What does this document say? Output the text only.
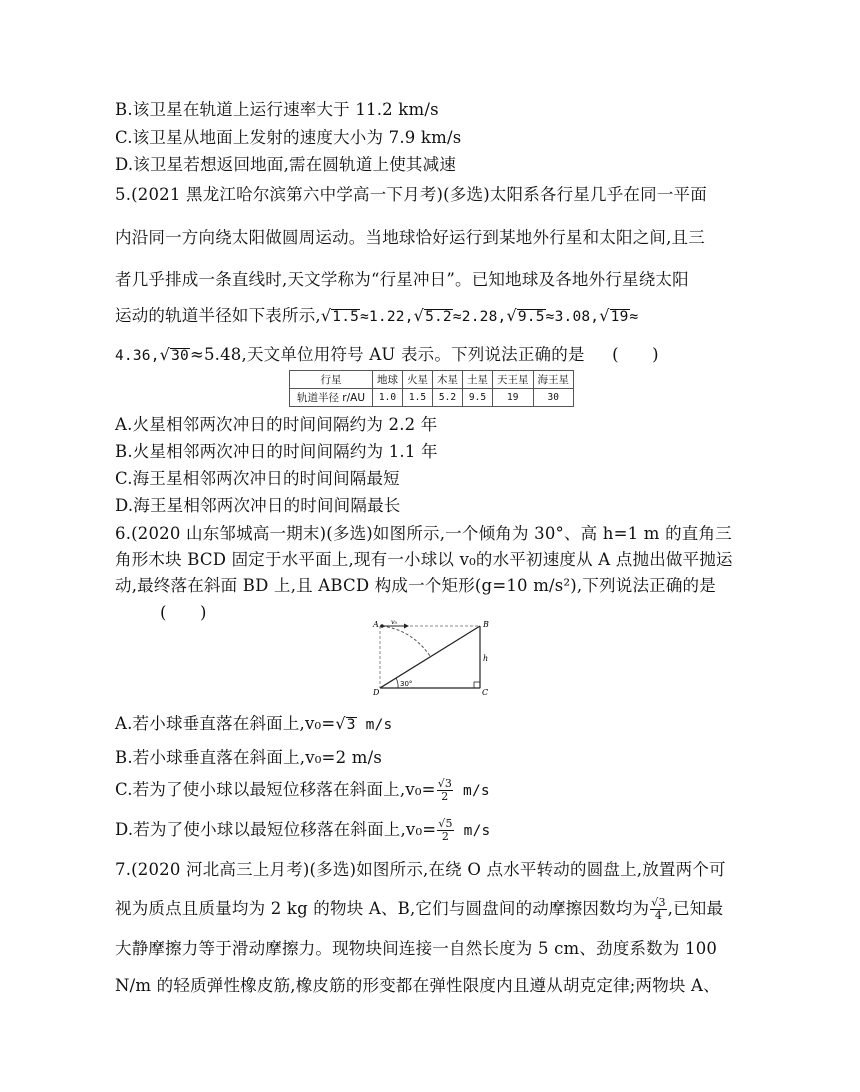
B.该卫星在轨道上运行速率大于 11.2 km/s
C.该卫星从地面上发射的速度大小为 7.9 km/s
D.该卫星若想返回地面,需在圆轨道上使其减速
5.(2021 黑龙江哈尔滨第六中学高一下月考)(多选)太阳系各行星几乎在同一平面
内沿同一方向绕太阳做圆周运动。当地球恰好运行到某地外行星和太阳之间,且三
者几乎排成一条直线时,天文学称为“行星冲日”。已知地球及各地外行星绕太阳
运动的轨道半径如下表所示,√1.5≈1.22,√5.2≈2.28,√9.5≈3.08,√19≈
4.36,√30≈5.48,天文单位用符号 AU 表示。下列说法正确的是 (　　)
行星	地球	火星	木星	土星	天王星	海王星
轨道半径 r/AU	1.0	1.5	5.2	9.5	19	30
A.火星相邻两次冲日的时间间隔约为 2.2 年
B.火星相邻两次冲日的时间间隔约为 1.1 年
C.海王星相邻两次冲日的时间间隔最短
D.海王星相邻两次冲日的时间间隔最长
6.(2020 山东邹城高一期末)(多选)如图所示,一个倾角为 30°、高 h=1 m 的直角三
角形木块 BCD 固定于水平面上,现有一小球以 v₀的水平初速度从 A 点抛出做平抛运
动,最终落在斜面 BD 上,且 ABCD 构成一个矩形(g=10 m/s²),下列说法正确的是
(　　)
A	B
C
D
h
30°
v₀
A.若小球垂直落在斜面上,v₀=√3 m/s
B.若小球垂直落在斜面上,v₀=2 m/s
C.若为了使小球以最短位移落在斜面上$,v_0= \frac{√3}{2} m/s$
D.若为了使小球以最短位移落在斜面上$,v_0= \frac{√5}{2} m/s$
7.(2020 河北高三上月考)(多选)如图所示,在绕 O 点水平转动的圆盘上,放置两个可
视为质点且质量均为 2 kg 的物块 A、B,它们与圆盘间的动摩擦因数均为 $\frac{√3}{4}$ ,已知最
大静摩擦力等于滑动摩擦力。现物块间连接一自然长度为 5 cm、劲度系数为 100
N/m 的轻质弹性橡皮筋,橡皮筋的形变都在弹性限度内且遵从胡克定律;两物块 A、
